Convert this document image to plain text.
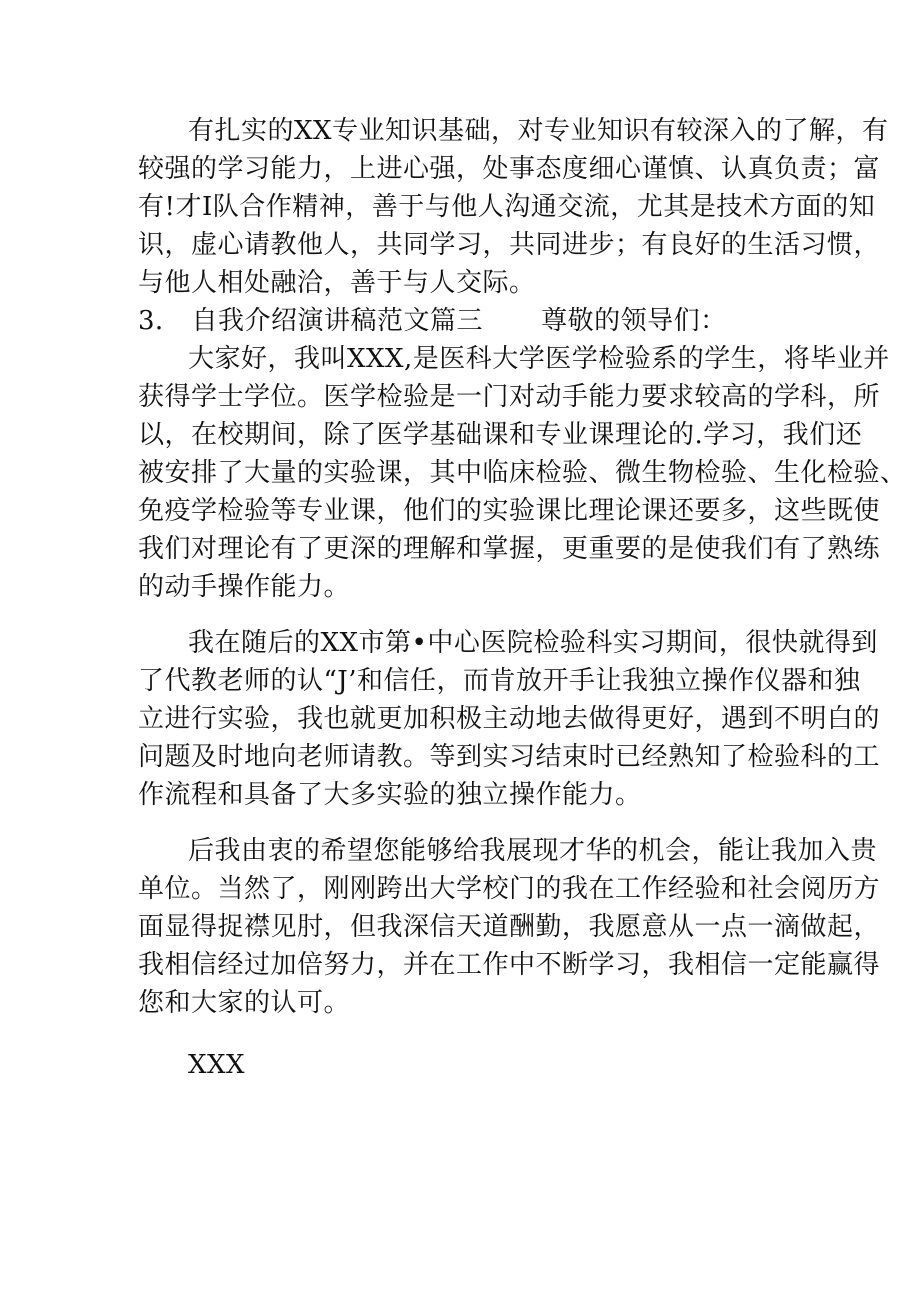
有扎实的XX专业知识基础，对专业知识有较深入的了解，有
较强的学习能力，上进心强，处事态度细心谨慎、认真负责；富
有!才I队合作精神，善于与他人沟通交流，尤其是技术方面的知
识，虚心请教他人，共同学习，共同进步；有良好的生活习惯，
与他人相处融洽，善于与人交际。
3． 自我介绍演讲稿范文篇三 尊敬的领导们：
大家好，我叫XXX,是医科大学医学检验系的学生，将毕业并
获得学士学位。医学检验是一门对动手能力要求较高的学科，所
以，在校期间，除了医学基础课和专业课理论的.学习，我们还
被安排了大量的实验课，其中临床检验、微生物检验、生化检验、
免疫学检验等专业课，他们的实验课比理论课还要多，这些既使
我们对理论有了更深的理解和掌握，更重要的是使我们有了熟练
的动手操作能力。
我在随后的XX市第•中心医院检验科实习期间，很快就得到
了代教老师的认“J’和信任，而肯放开手让我独立操作仪器和独
立进行实验，我也就更加积极主动地去做得更好，遇到不明白的
问题及时地向老师请教。等到实习结束时已经熟知了检验科的工
作流程和具备了大多实验的独立操作能力。
后我由衷的希望您能够给我展现才华的机会，能让我加入贵
单位。当然了，刚刚跨出大学校门的我在工作经验和社会阅历方
面显得捉襟见肘，但我深信天道酬勤，我愿意从一点一滴做起，
我相信经过加倍努力，并在工作中不断学习，我相信一定能赢得
您和大家的认可。
XXX
